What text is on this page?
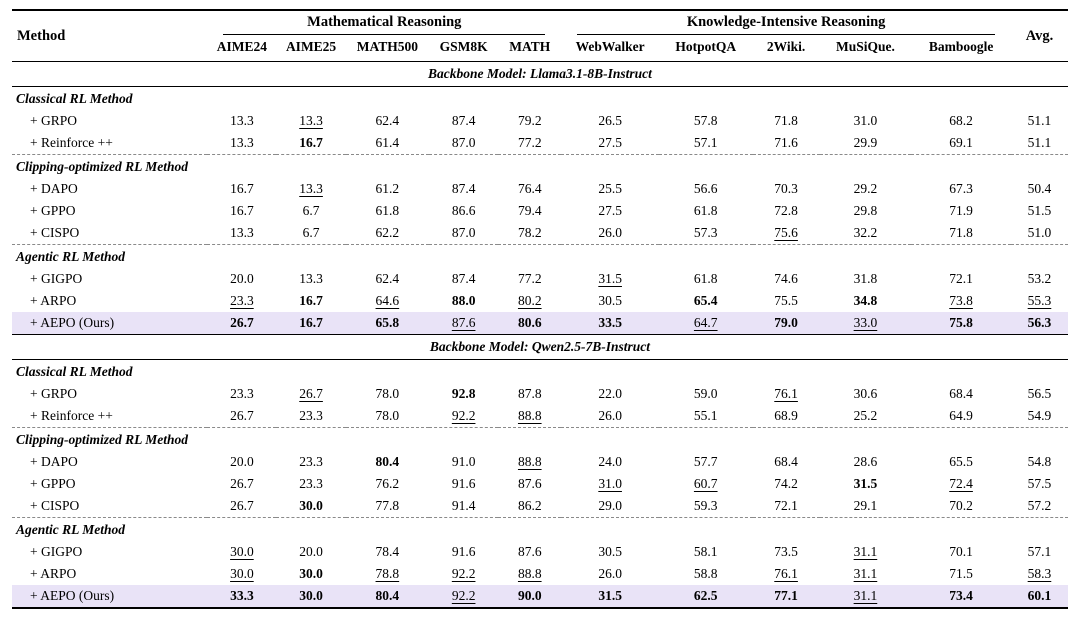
Method	Mathematical Reasoning					Knowledge-Intensive Reasoning					Avg.
	AIME24	AIME25	MATH500	GSM8K	MATH	WebWalker	HotpotQA	2Wiki.	MuSiQue.	Bamboogle	
Backbone Model: Llama3.1-8B-Instruct											
Classical RL Method											
+ GRPO	13.3	13.3	62.4	87.4	79.2	26.5	57.8	71.8	31.0	68.2	51.1
+ Reinforce ++	13.3	16.7	61.4	87.0	77.2	27.5	57.1	71.6	29.9	69.1	51.1
Clipping-optimized RL Method											
+ DAPO	16.7	13.3	61.2	87.4	76.4	25.5	56.6	70.3	29.2	67.3	50.4
+ GPPO	16.7	6.7	61.8	86.6	79.4	27.5	61.8	72.8	29.8	71.9	51.5
+ CISPO	13.3	6.7	62.2	87.0	78.2	26.0	57.3	75.6	32.2	71.8	51.0
Agentic RL Method											
+ GIGPO	20.0	13.3	62.4	87.4	77.2	31.5	61.8	74.6	31.8	72.1	53.2
+ ARPO	23.3	16.7	64.6	88.0	80.2	30.5	65.4	75.5	34.8	73.8	55.3
+ AEPO (Ours)	26.7	16.7	65.8	87.6	80.6	33.5	64.7	79.0	33.0	75.8	56.3
Backbone Model: Qwen2.5-7B-Instruct											
Classical RL Method											
+ GRPO	23.3	26.7	78.0	92.8	87.8	22.0	59.0	76.1	30.6	68.4	56.5
+ Reinforce ++	26.7	23.3	78.0	92.2	88.8	26.0	55.1	68.9	25.2	64.9	54.9
Clipping-optimized RL Method											
+ DAPO	20.0	23.3	80.4	91.0	88.8	24.0	57.7	68.4	28.6	65.5	54.8
+ GPPO	26.7	23.3	76.2	91.6	87.6	31.0	60.7	74.2	31.5	72.4	57.5
+ CISPO	26.7	30.0	77.8	91.4	86.2	29.0	59.3	72.1	29.1	70.2	57.2
Agentic RL Method											
+ GIGPO	30.0	20.0	78.4	91.6	87.6	30.5	58.1	73.5	31.1	70.1	57.1
+ ARPO	30.0	30.0	78.8	92.2	88.8	26.0	58.8	76.1	31.1	71.5	58.3
+ AEPO (Ours)	33.3	30.0	80.4	92.2	90.0	31.5	62.5	77.1	31.1	73.4	60.1
